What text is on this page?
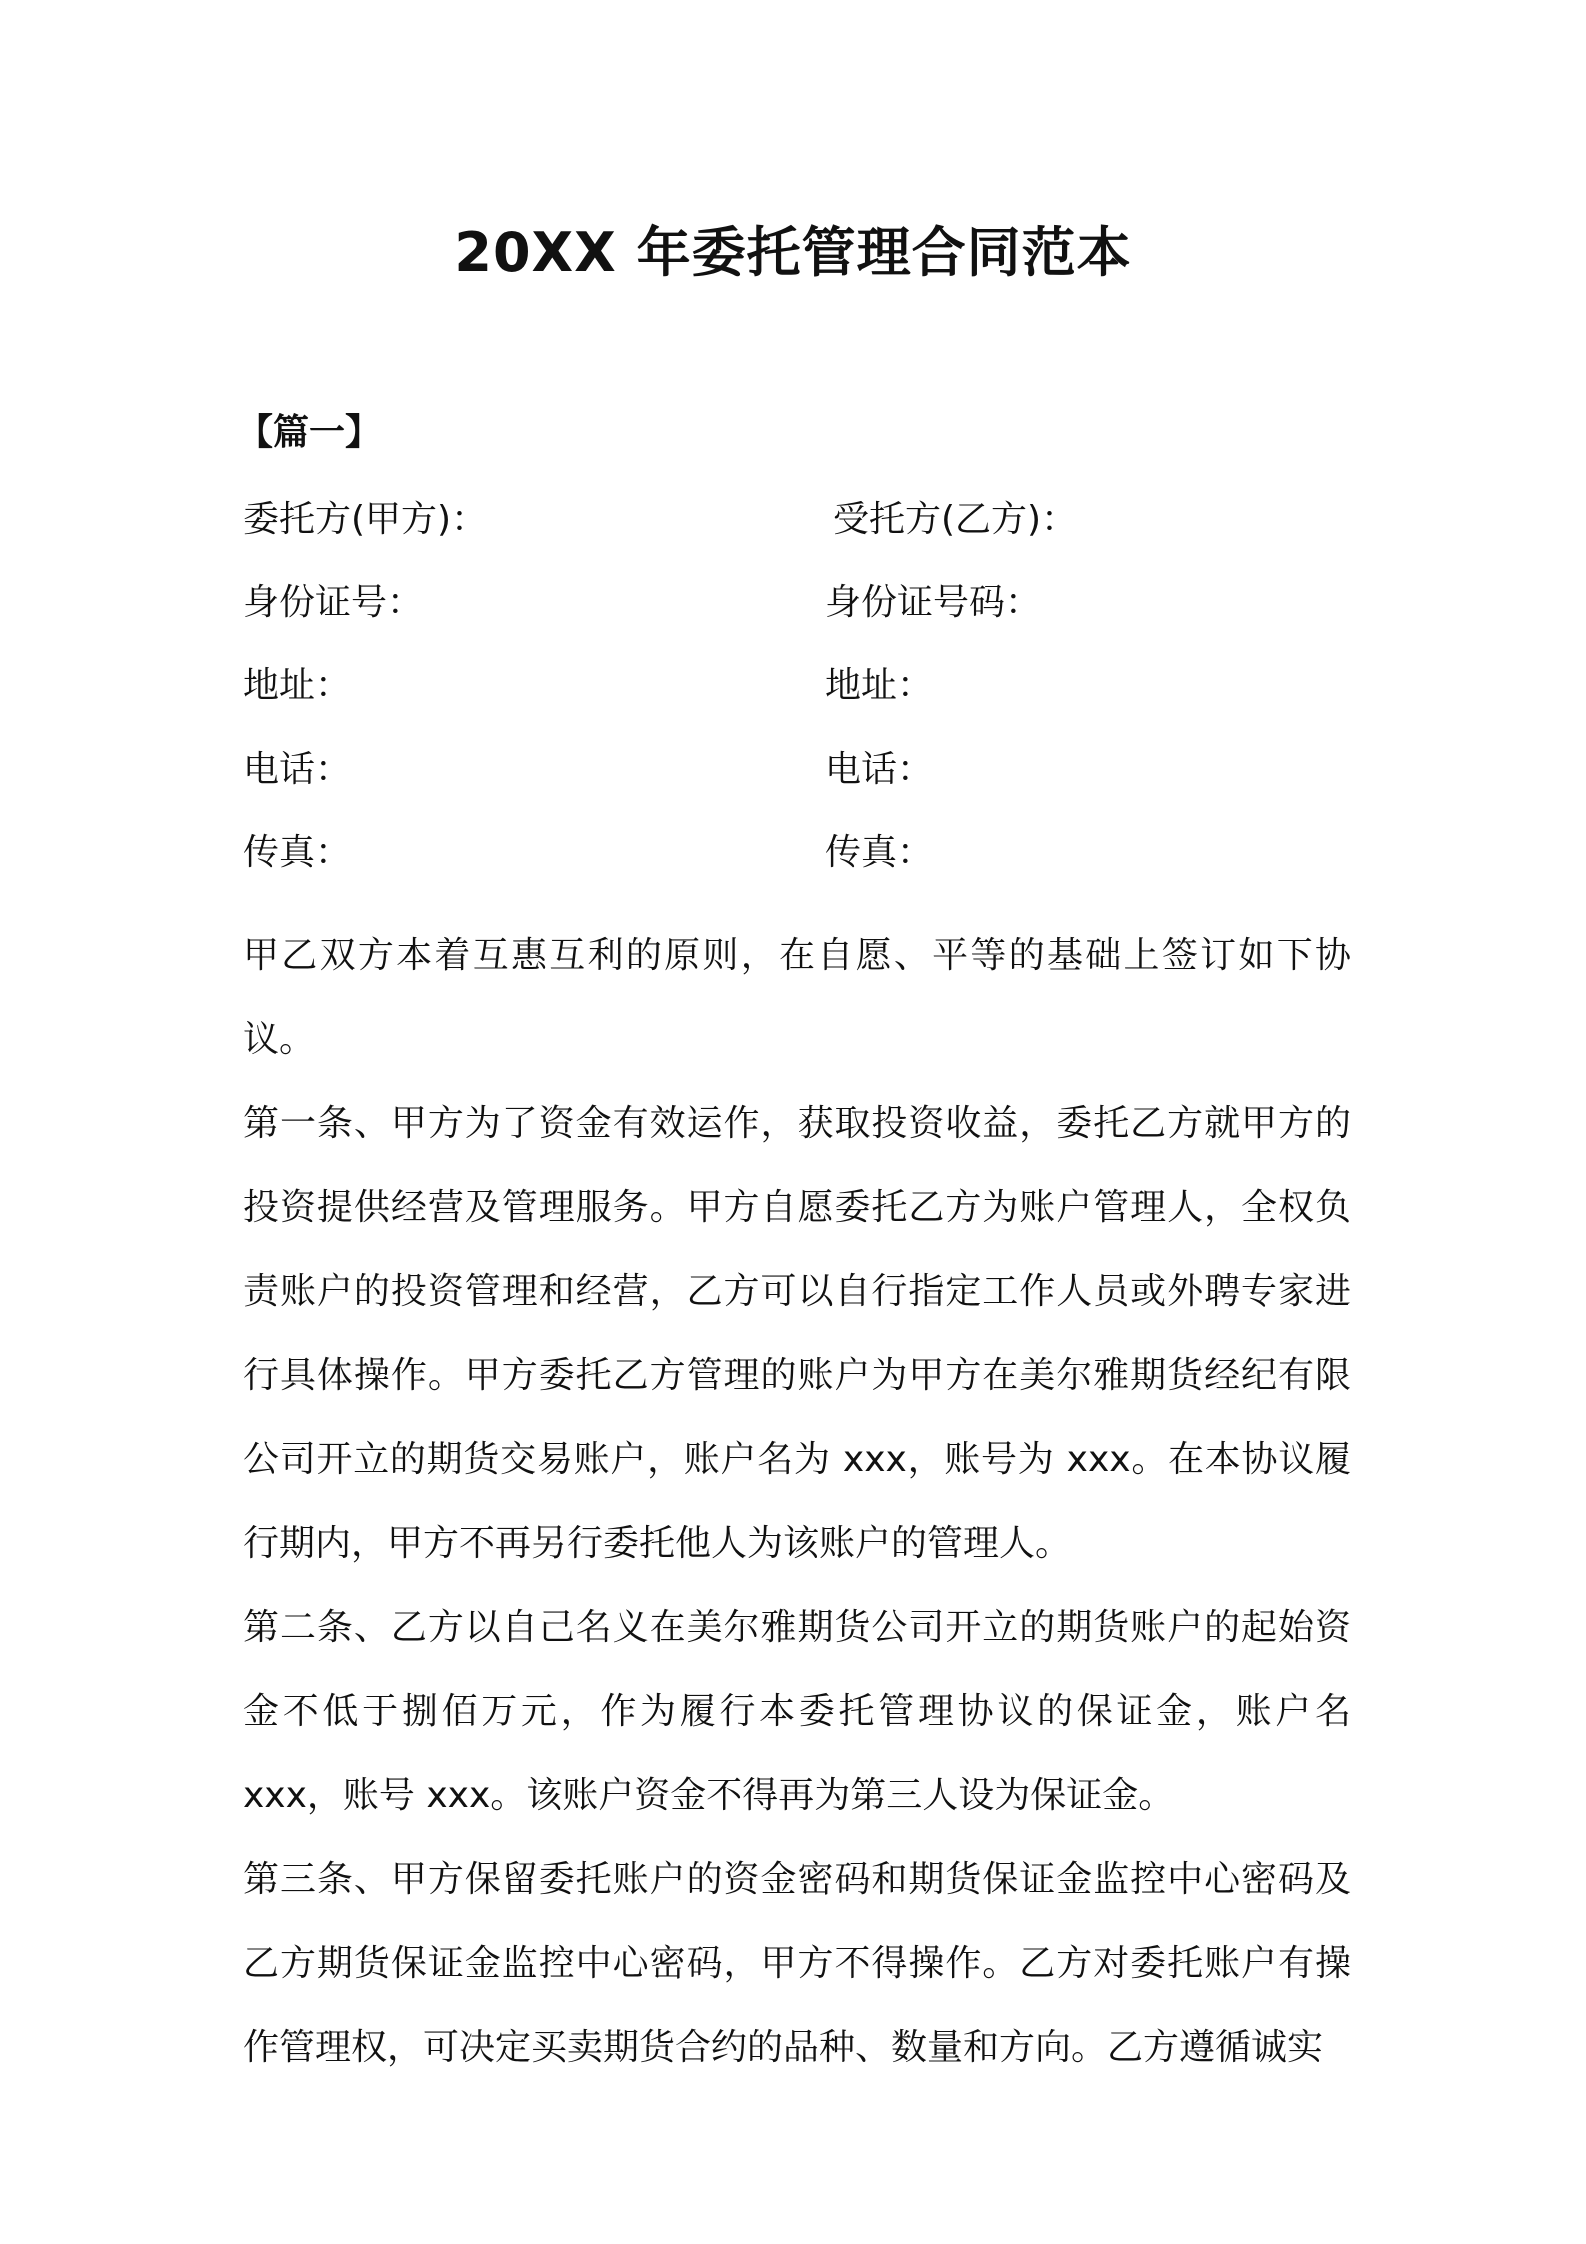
20XX 年委托管理合同范本
【篇一】
委托方(甲方)：	受托方(乙方)：
身份证号：	身份证号码：
地址：	地址：
电话：	电话：
传真：	传真：

甲乙双方本着互惠互利的原则，在自愿、平等的基础上签订如下协议。

第一条、甲方为了资金有效运作，获取投资收益，委托乙方就甲方的投资提供经营及管理服务。甲方自愿委托乙方为账户管理人，全权负责账户的投资管理和经营，乙方可以自行指定工作人员或外聘专家进行具体操作。甲方委托乙方管理的账户为甲方在美尔雅期货经纪有限公司开立的期货交易账户，账户名为 xxx，账号为 xxx。在本协议履行期内，甲方不再另行委托他人为该账户的管理人。

第二条、乙方以自己名义在美尔雅期货公司开立的期货账户的起始资金不低于捌佰万元，作为履行本委托管理协议的保证金，账户名 xxx，账号 xxx。该账户资金不得再为第三人设为保证金。

第三条、甲方保留委托账户的资金密码和期货保证金监控中心密码及乙方期货保证金监控中心密码，甲方不得操作。乙方对委托账户有操作管理权，可决定买卖期货合约的品种、数量和方向。乙方遵循诚实
